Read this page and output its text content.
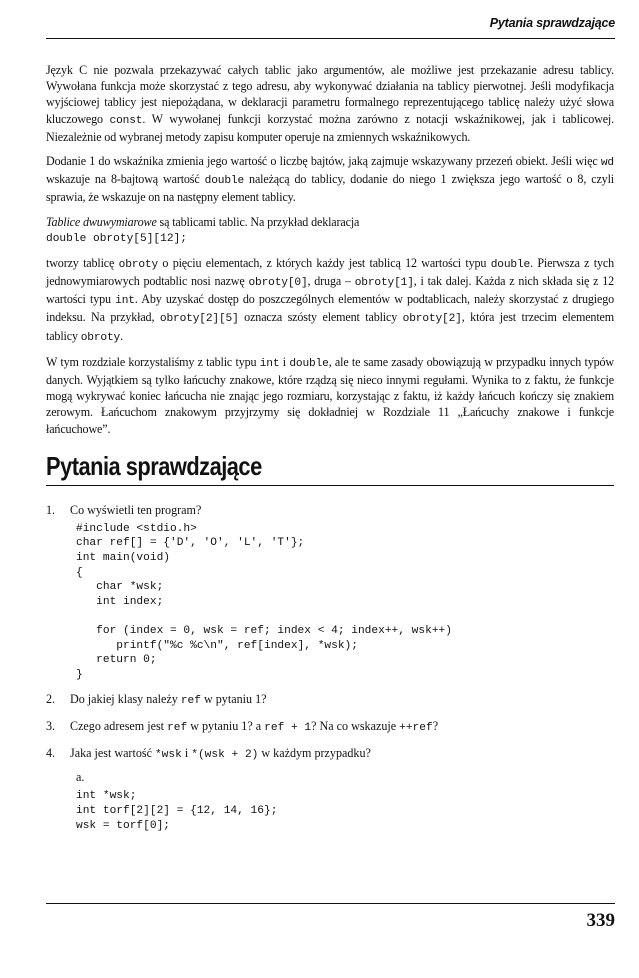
Pytania sprawdzające

Język C nie pozwala przekazywać całych tablic jako argumentów, ale możliwe jest przekazanie adresu tablicy. Wywołana funkcja może skorzystać z tego adresu, aby wykonywać działania na tablicy pierwotnej. Jeśli modyfikacja wyjściowej tablicy jest niepożądana, w deklaracji parametru formalnego reprezentującego tablicę należy użyć słowa kluczowego const. W wywołanej funkcji korzystać można zarówno z notacji wskaźnikowej, jak i tablicowej. Niezależnie od wybranej metody zapisu komputer operuje na zmiennych wskaźnikowych.

Dodanie 1 do wskaźnika zmienia jego wartość o liczbę bajtów, jaką zajmuje wskazywany przezeń obiekt. Jeśli więc wd wskazuje na 8-bajtową wartość double należącą do tablicy, dodanie do niego 1 zwiększa jego wartość o 8, czyli sprawia, że wskazuje on na następny element tablicy.

Tablice dwuwymiarowe są tablicami tablic. Na przykład deklaracja

double obroty[5][12];

tworzy tablicę obroty o pięciu elementach, z których każdy jest tablicą 12 wartości typu double. Pierwsza z tych jednowymiarowych podtablic nosi nazwę obroty[0], druga – obroty[1], i tak dalej. Każda z nich składa się z 12 wartości typu int. Aby uzyskać dostęp do poszczególnych elementów w podtablicach, należy skorzystać z drugiego indeksu. Na przykład, obroty[2][5] oznacza szósty element tablicy obroty[2], która jest trzecim elementem tablicy obroty.

W tym rozdziale korzystaliśmy z tablic typu int i double, ale te same zasady obowiązują w przypadku innych typów danych. Wyjątkiem są tylko łańcuchy znakowe, które rządzą się nieco innymi regułami. Wynika to z faktu, że funkcje mogą wykrywać koniec łańcucha nie znając jego rozmiaru, korzystając z faktu, iż każdy łańcuch kończy się znakiem zerowym. Łańcuchom znakowym przyjrzymy się dokładniej w Rozdziale 11 „Łańcuchy znakowe i funkcje łańcuchowe”.

Pytania sprawdzające
1. Co wyświetli ten program?
#include <stdio.h>
char ref[] = {'D', 'O', 'L', 'T'};
int main(void)
{
char *wsk;
int index;

for (index = 0, wsk = ref; index < 4; index++, wsk++)
printf("%c %c\n", ref[index], *wsk);
return 0;
}
2. Do jakiej klasy należy ref w pytaniu 1?
3. Czego adresem jest ref w pytaniu 1? a ref + 1? Na co wskazuje ++ref?
4. Jaka jest wartość *wsk i *(wsk + 2) w każdym przypadku?
a.
int *wsk;
int torf[2][2] = {12, 14, 16};
wsk = torf[0];
339
